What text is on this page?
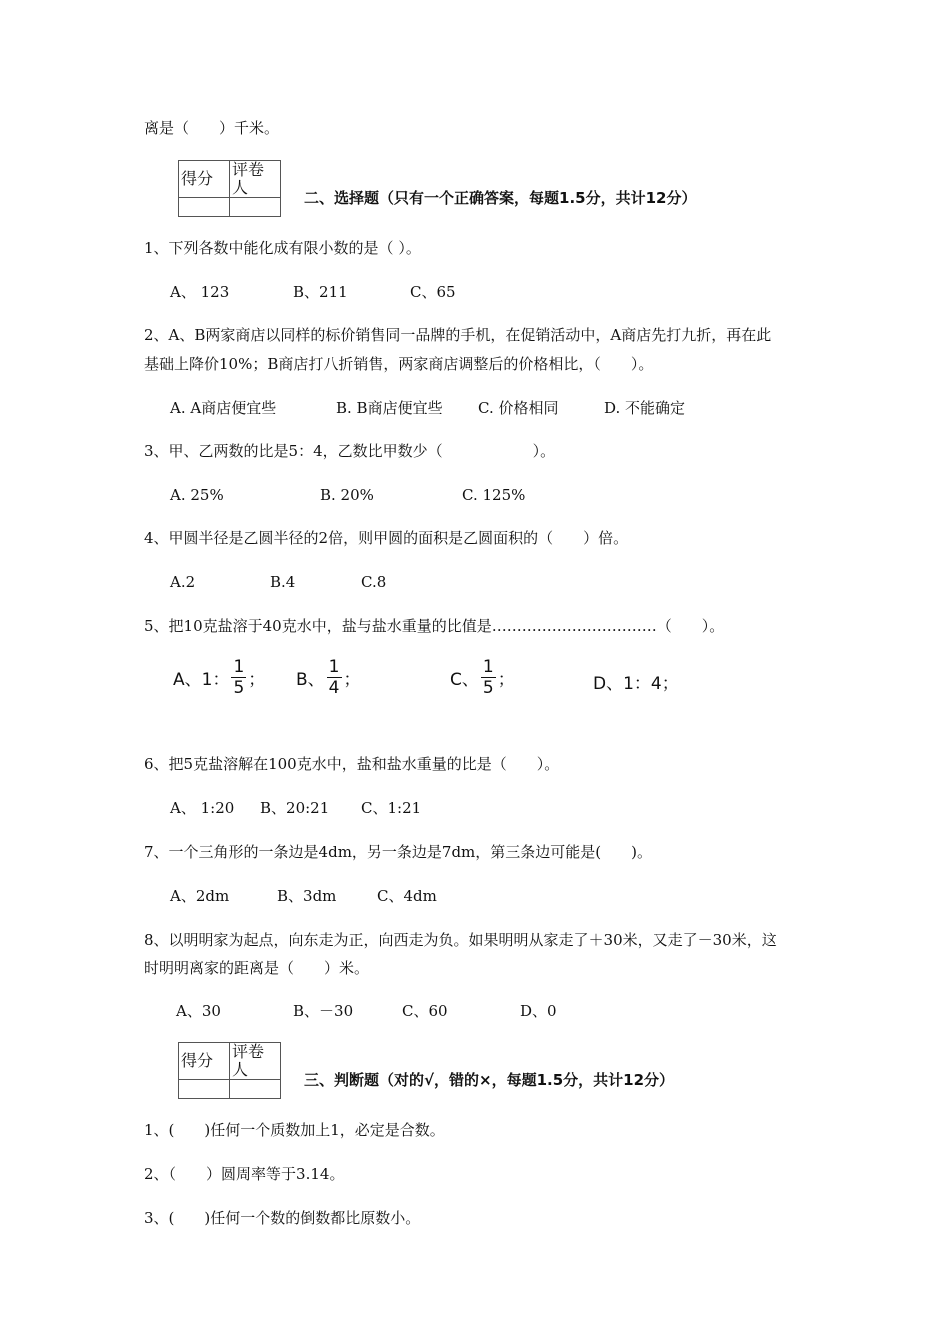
离是（　　）千米。
得分	评卷人

二、选择题（只有一个正确答案，每题1.5分，共计12分）
1、下列各数中能化成有限小数的是（ ）。
A、 123	B、211	C、65
2、A、B两家商店以同样的标价销售同一品牌的手机，在促销活动中，A商店先打九折，再在此
基础上降价10%；B商店打八折销售，两家商店调整后的价格相比，（　　）。
A. A商店便宜些	B. B商店便宜些 C. 价格相同	D. 不能确定
3、甲、乙两数的比是5：4，乙数比甲数少（　　　　　　）。
A. 25%	B. 20%	C. 125%
4、甲圆半径是乙圆半径的2倍，则甲圆的面积是乙圆面积的（　　）倍。
A.2	B.4	C.8
5、把10克盐溶于40克水中，盐与盐水重量的比值是……………………………（　　）。
A、1： $\frac{1}{5}$ ； B、 $\frac{1}{4}$ ；	C、 $\frac{1}{5}$ ；	D、1：4；
6、把5克盐溶解在100克水中，盐和盐水重量的比是（　　）。
A、 1:20 B、20:21 C、1:21
7、一个三角形的一条边是4dm，另一条边是7dm，第三条边可能是(　　)。
A、2dm	B、3dm	C、4dm
8、以明明家为起点，向东走为正，向西走为负。如果明明从家走了＋30米，又走了－30米，这
时明明离家的距离是（　　）米。
A、30	B、－30	C、60	D、0
得分	评卷人

三、判断题（对的√，错的×，每题1.5分，共计12分）
1、(　　)任何一个质数加上1，必定是合数。
2、（　　）圆周率等于3.14。
3、(　　)任何一个数的倒数都比原数小。
